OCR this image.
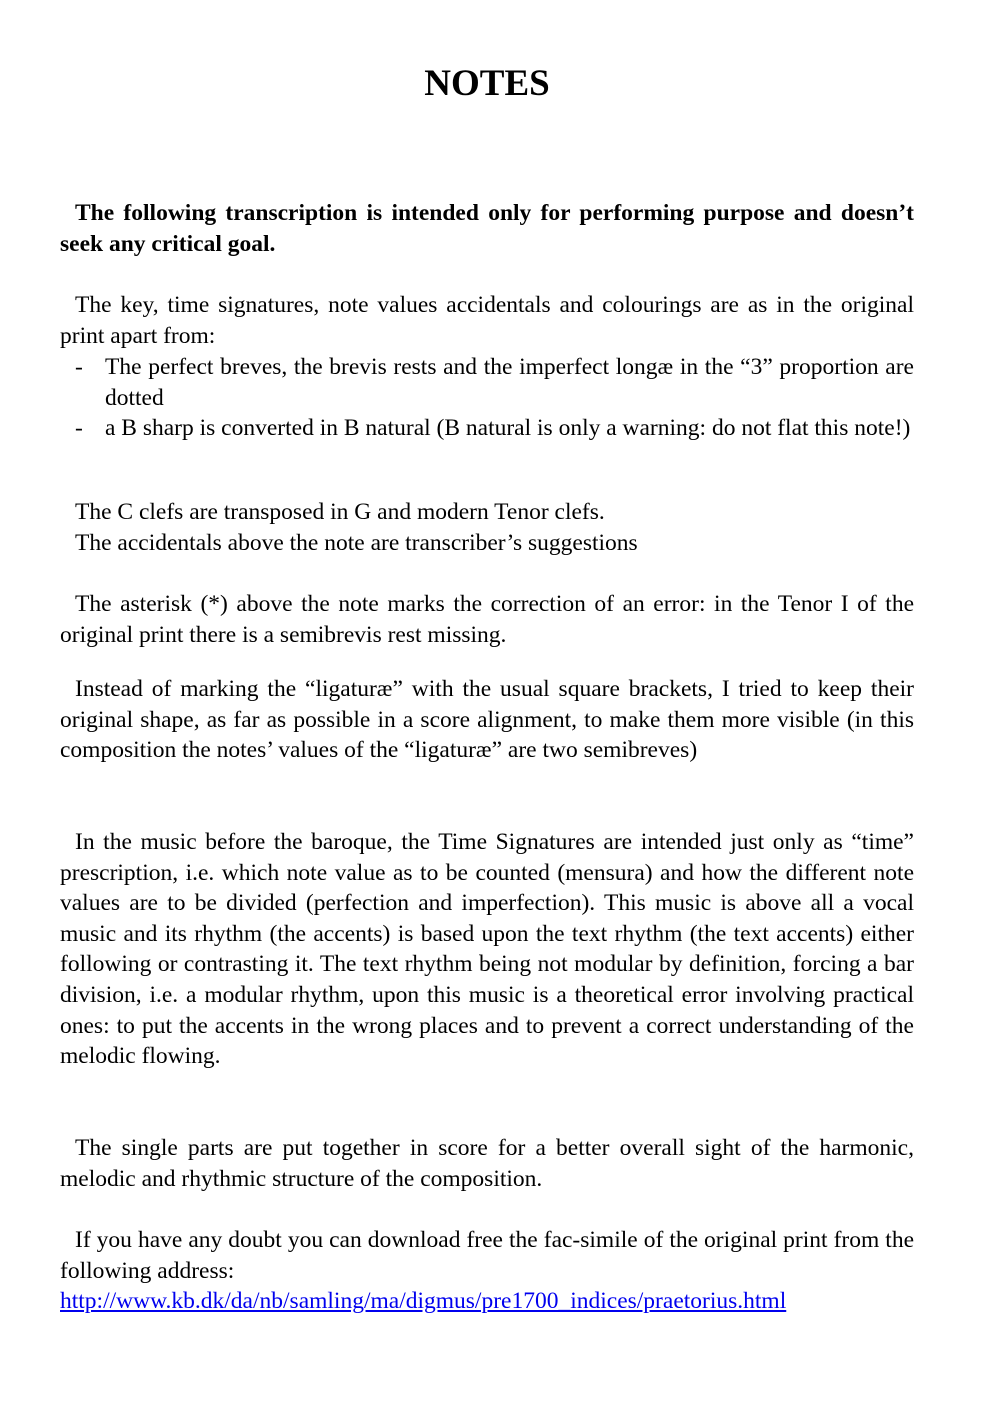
NOTES

The following transcription is intended only for performing purpose and doesn’t seek any critical goal.

The key, time signatures, note values accidentals and colourings are as in the original print apart from:

- The perfect breves, the brevis rests and the imperfect longæ in the “3” proportion are dotted
- a B sharp is converted in B natural (B natural is only a warning: do not flat this note!)

The C clefs are transposed in G and modern Tenor clefs.

The accidentals above the note are transcriber’s suggestions

The asterisk (*) above the note marks the correction of an error: in the Tenor I of the original print there is a semibrevis rest missing.

Instead of marking the “ligaturæ” with the usual square brackets, I tried to keep their original shape, as far as possible in a score alignment, to make them more visible (in this composition the notes’ values of the “ligaturæ” are two semibreves)

In the music before the baroque, the Time Signatures are intended just only as “time” prescription, i.e. which note value as to be counted (mensura) and how the different note values are to be divided (perfection and imperfection). This music is above all a vocal music and its rhythm (the accents) is based upon the text rhythm (the text accents) either following or contrasting it. The text rhythm being not modular by definition, forcing a bar division, i.e. a modular rhythm, upon this music is a theoretical error involving practical ones: to put the accents in the wrong places and to prevent a correct understanding of the melodic flowing.

The single parts are put together in score for a better overall sight of the harmonic, melodic and rhythmic structure of the composition.

If you have any doubt you can download free the fac-simile of the original print from the following address:

http://www.kb.dk/da/nb/samling/ma/digmus/pre1700_indices/praetorius.html
